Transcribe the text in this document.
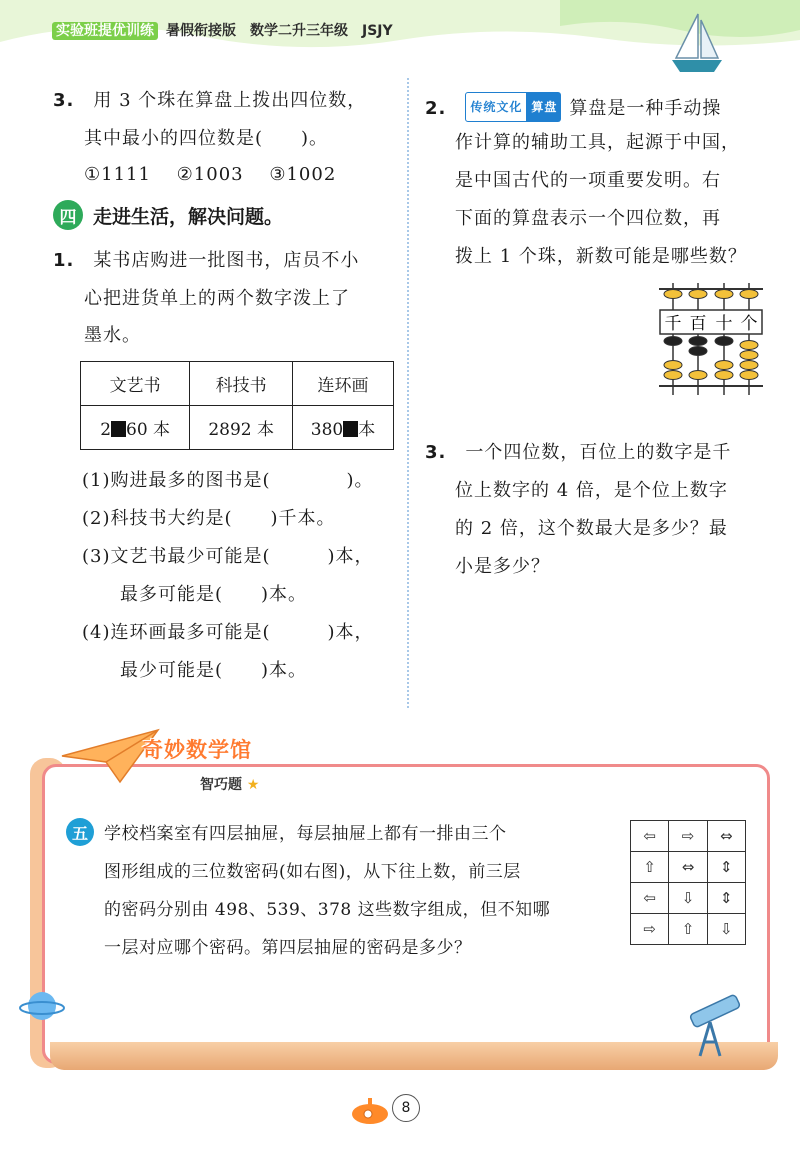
实验班提优训练 暑假衔接版 数学二升三年级 JSJY
3.　 用 3 个珠在算盘上拨出四位数，
其中最小的四位数是(　　)。
①1111　 ②1003　 ③1002
四 走进生活，解决问题。
1.　 某书店购进一批图书，店员不小
心把进货单上的两个数字泼上了
墨水。
文艺书	科技书	连环画
2 60 本	2892 本	380 本
(1)购进最多的图书是(　　　　)。
(2)科技书大约是(　　)千本。
(3)文艺书最少可能是(　　　)本，
　　最多可能是(　　)本。
(4)连环画最多可能是(　　　)本，
　　最少可能是(　　)本。
2.　	传统文化 算盘 算盘是一种手动操
作计算的辅助工具，起源于中国，
是中国古代的一项重要发明。右
下面的算盘表示一个四位数，再
拨上 1 个珠，新数可能是哪些数？
千 百 十 个
3.　 一个四位数，百位上的数字是千
位上数字的 4 倍，是个位上数字
的 2 倍，这个数最大是多少？最
小是多少？
奇妙数学馆
智巧题 ★
五 学校档案室有四层抽屉，每层抽屉上都有一排由三个
图形组成的三位数密码(如右图)，从下往上数，前三层
的密码分别由 498、539、378 这些数字组成，但不知哪
一层对应哪个密码。第四层抽屉的密码是多少？
⇦	⇨	⇔
⇧	⇔	⇕
⇦	⇩	⇕
⇨	⇧	⇩
8
